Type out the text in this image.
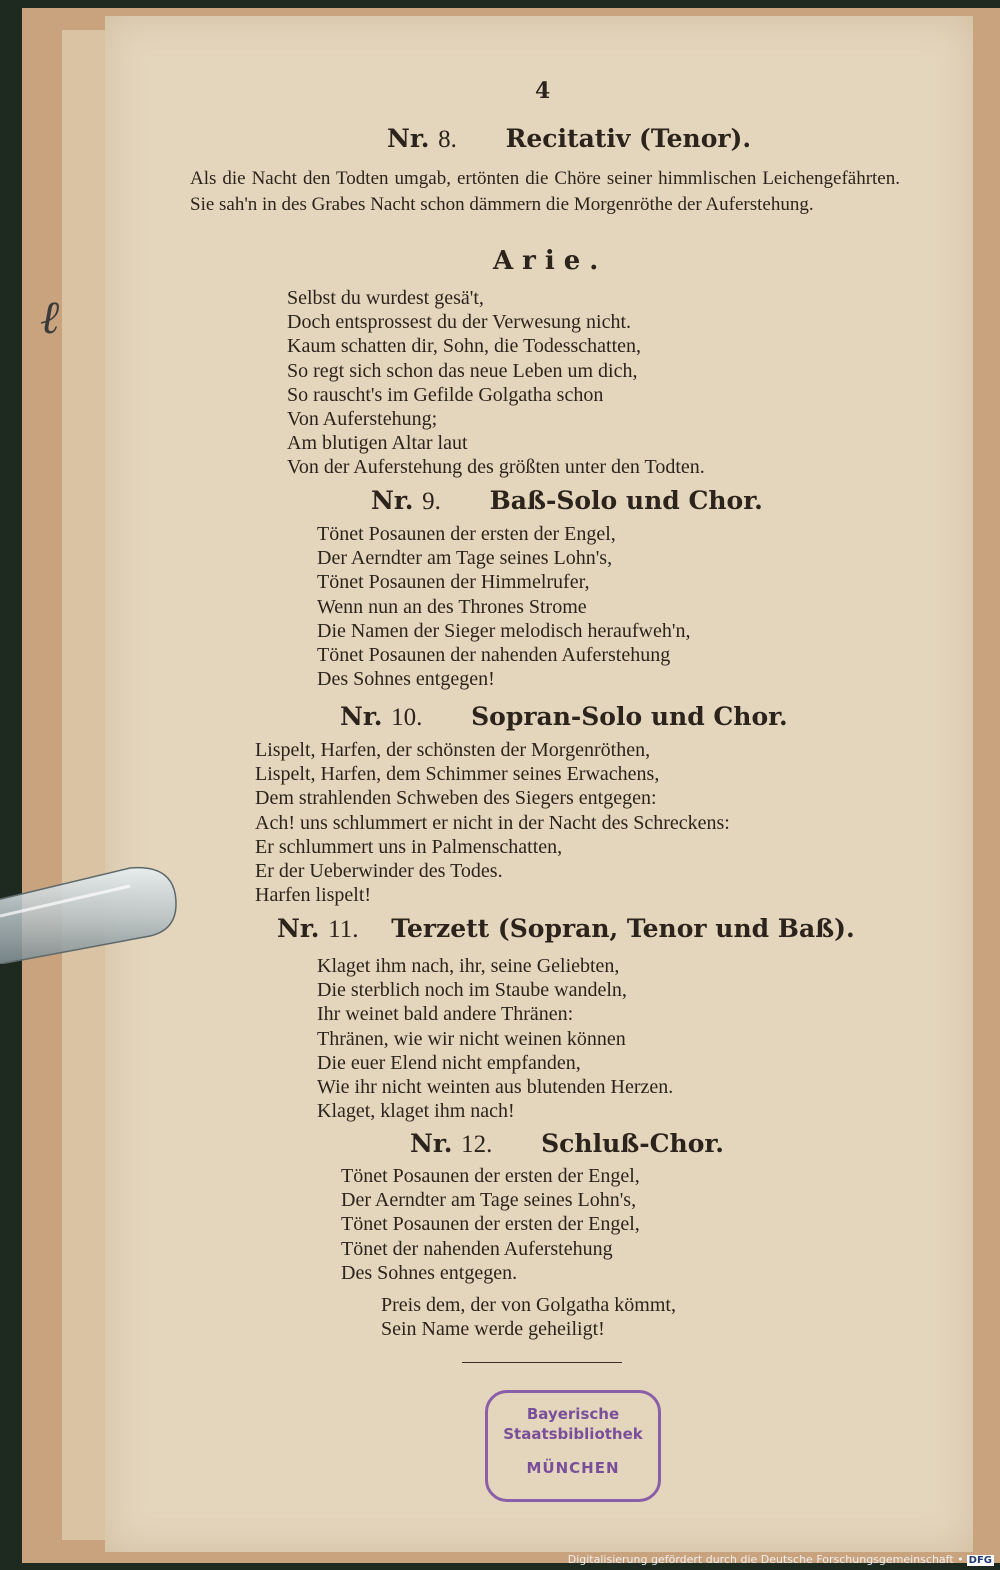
4
Nr. 8. Recitativ (Tenor).

Als die Nacht den Todten umgab, ertönten die Chöre seiner himmlischen Leichengefährten. Sie sah'n in des Grabes Nacht schon dämmern die Morgenröthe der Auferstehung.

Arie.
Selbst du wurdest gesä't,
Doch entsprossest du der Verwesung nicht.
Kaum schatten dir, Sohn, die Todesschatten,
So regt sich schon das neue Leben um dich,
So rauscht's im Gefilde Golgatha schon
Von Auferstehung;
Am blutigen Altar laut
Von der Auferstehung des größten unter den Todten.
Nr. 9. Baß-Solo und Chor.
Tönet Posaunen der ersten der Engel,
Der Aerndter am Tage seines Lohn's,
Tönet Posaunen der Himmelrufer,
Wenn nun an des Thrones Strome
Die Namen der Sieger melodisch heraufweh'n,
Tönet Posaunen der nahenden Auferstehung
Des Sohnes entgegen!
Nr. 10. Sopran-Solo und Chor.
Lispelt, Harfen, der schönsten der Morgenröthen,
Lispelt, Harfen, dem Schimmer seines Erwachens,
Dem strahlenden Schweben des Siegers entgegen:
Ach! uns schlummert er nicht in der Nacht des Schreckens:
Er schlummert uns in Palmenschatten,
Er der Ueberwinder des Todes.
Harfen lispelt!
Nr. 11. Terzett (Sopran, Tenor und Baß).
Klaget ihm nach, ihr, seine Geliebten,
Die sterblich noch im Staube wandeln,
Ihr weinet bald andere Thränen:
Thränen, wie wir nicht weinen können
Die euer Elend nicht empfanden,
Wie ihr nicht weinten aus blutenden Herzen.
Klaget, klaget ihm nach!
Nr. 12. Schluß-Chor.
Tönet Posaunen der ersten der Engel,
Der Aerndter am Tage seines Lohn's,
Tönet Posaunen der ersten der Engel,
Tönet der nahenden Auferstehung
Des Sohnes entgegen.
Preis dem, der von Golgatha kömmt,
Sein Name werde geheiligt!
Bayerische
Staatsbibliothek
MÜNCHEN
ℓ
Digitalisierung gefördert durch die Deutsche Forschungsgemeinschaft • DFG
